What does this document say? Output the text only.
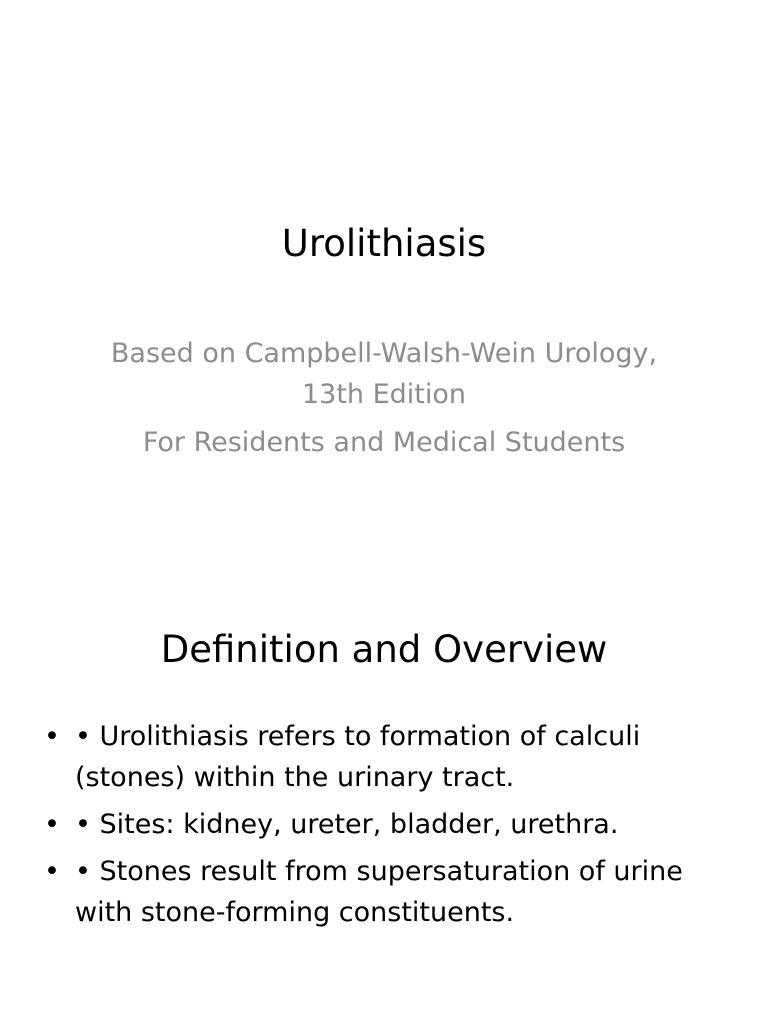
Urolithiasis

Based on Campbell-Walsh-Wein Urology, 13th Edition

For Residents and Medical Students

Definition and Overview
• • Urolithiasis refers to formation of calculi (stones) within the urinary tract.
• • Sites: kidney, ureter, bladder, urethra.
• • Stones result from supersaturation of urine with stone-forming constituents.
